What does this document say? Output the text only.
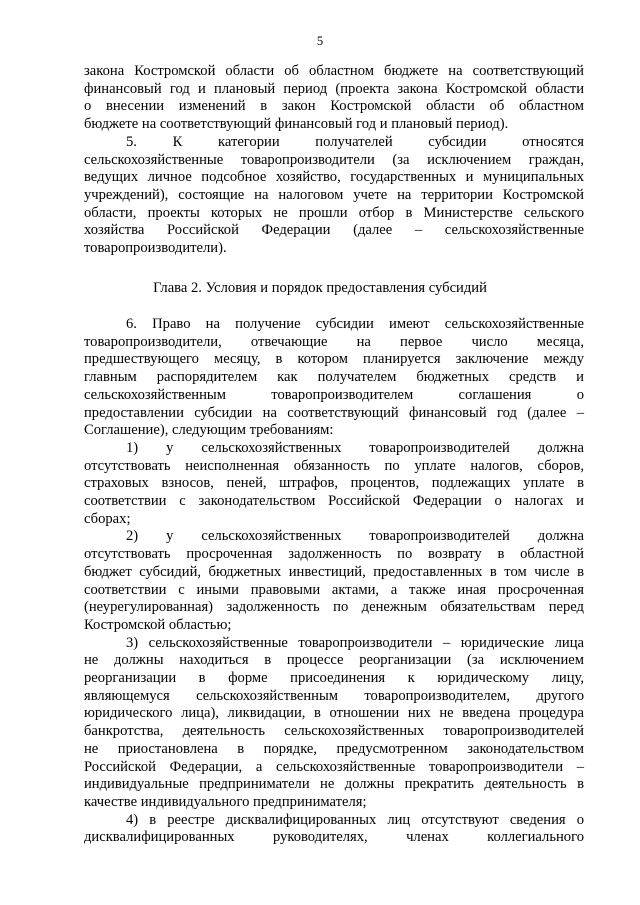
5

закона Костромской области об областном бюджете на соответствующий

финансовый год и плановый период (проекта закона Костромской области

о внесении изменений в закон Костромской области об областном

бюджете на соответствующий финансовый год и плановый период).

5.        К        категории        получателей        субсидии        относятся

сельскохозяйственные товаропроизводители (за исключением граждан,

ведущих личное подсобное хозяйство, государственных и муниципальных

учреждений), состоящие на налоговом учете на территории Костромской

области, проекты которых не прошли отбор в Министерстве сельского

хозяйства Российской Федерации (далее – сельскохозяйственные

товаропроизводители).

Глава 2. Условия и порядок предоставления субсидий

6. Право на получение субсидии имеют сельскохозяйственные

товаропроизводители, отвечающие на первое число месяца,

предшествующего месяцу, в котором планируется заключение между

главным распорядителем как получателем бюджетных средств и

сельскохозяйственным товаропроизводителем соглашения о

предоставлении субсидии на соответствующий финансовый год (далее –

Соглашение), следующим требованиям:

1) у сельскохозяйственных товаропроизводителей должна

отсутствовать неисполненная обязанность по уплате налогов, сборов,

страховых взносов, пеней, штрафов, процентов, подлежащих уплате в

соответствии с законодательством Российской Федерации о налогах и

сборах;

2) у сельскохозяйственных товаропроизводителей должна

отсутствовать просроченная задолженность по возврату в областной

бюджет субсидий, бюджетных инвестиций, предоставленных в том числе в

соответствии с иными правовыми актами, а также иная просроченная

(неурегулированная) задолженность по денежным обязательствам перед

Костромской областью;

3) сельскохозяйственные товаропроизводители – юридические лица

не должны находиться в процессе реорганизации (за исключением

реорганизации в форме присоединения к юридическому лицу,

являющемуся сельскохозяйственным товаропроизводителем, другого

юридического лица), ликвидации, в отношении них не введена процедура

банкротства, деятельность сельскохозяйственных товаропроизводителей

не приостановлена в порядке, предусмотренном законодательством

Российской Федерации, а сельскохозяйственные товаропроизводители –

индивидуальные предприниматели не должны прекратить деятельность в

качестве индивидуального предпринимателя;

4) в реестре дисквалифицированных лиц отсутствуют сведения о

дисквалифицированных руководителях, членах коллегиального
